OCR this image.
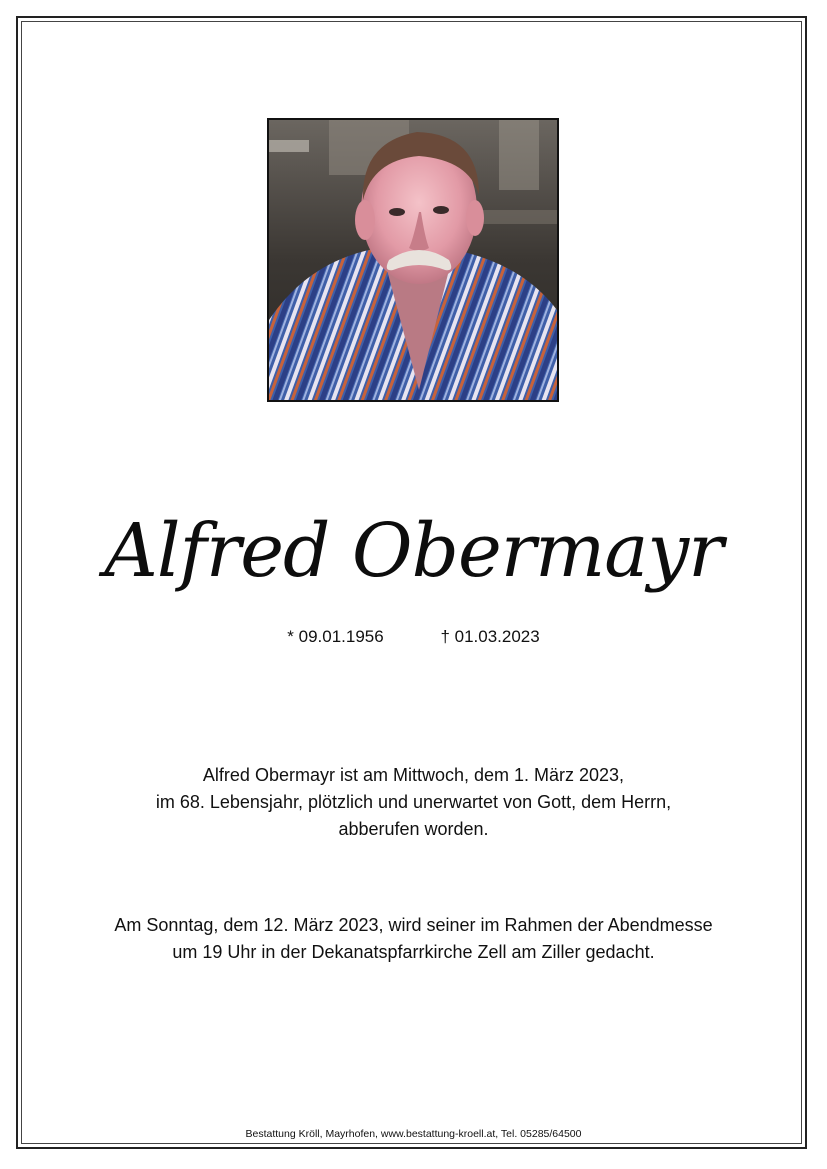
Alfred Obermayr
* 09.01.1956	† 01.03.2023
Alfred Obermayr ist am Mittwoch, dem 1. März 2023,
im 68. Lebensjahr, plötzlich und unerwartet von Gott, dem Herrn,
abberufen worden.
Am Sonntag, dem 12. März 2023, wird seiner im Rahmen der Abendmesse
um 19 Uhr in der Dekanatspfarrkirche Zell am Ziller gedacht.
Bestattung Kröll, Mayrhofen, www.bestattung-kroell.at, Tel. 05285/64500
